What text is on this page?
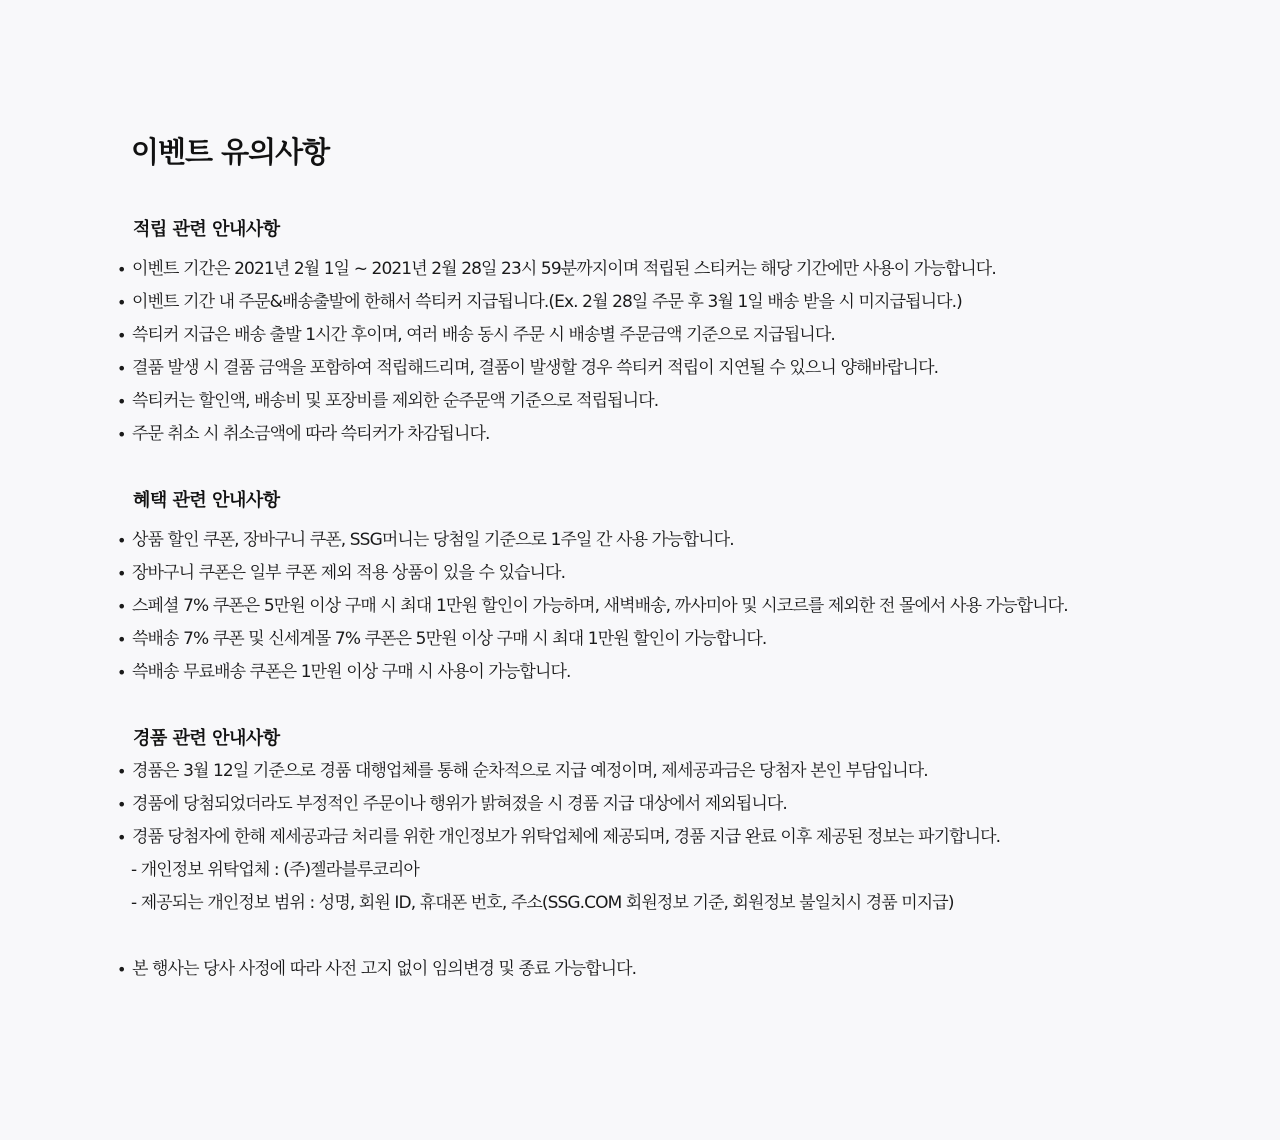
이벤트 유의사항
적립 관련 안내사항
• 이벤트 기간은 2021년 2월 1일 ~ 2021년 2월 28일 23시 59분까지이며 적립된 스티커는 해당 기간에만 사용이 가능합니다.
• 이벤트 기간 내 주문&배송출발에 한해서 쓱티커 지급됩니다.(Ex. 2월 28일 주문 후 3월 1일 배송 받을 시 미지급됩니다.)
• 쓱티커 지급은 배송 출발 1시간 후이며, 여러 배송 동시 주문 시 배송별 주문금액 기준으로 지급됩니다.
• 결품 발생 시 결품 금액을 포함하여 적립해드리며, 결품이 발생할 경우 쓱티커 적립이 지연될 수 있으니 양해바랍니다.
• 쓱티커는 할인액, 배송비 및 포장비를 제외한 순주문액 기준으로 적립됩니다.
• 주문 취소 시 취소금액에 따라 쓱티커가 차감됩니다.
혜택 관련 안내사항
• 상품 할인 쿠폰, 장바구니 쿠폰, SSG머니는 당첨일 기준으로 1주일 간 사용 가능합니다.
• 장바구니 쿠폰은 일부 쿠폰 제외 적용 상품이 있을 수 있습니다.
• 스페셜 7% 쿠폰은 5만원 이상 구매 시 최대 1만원 할인이 가능하며, 새벽배송, 까사미아 및 시코르를 제외한 전 몰에서 사용 가능합니다.
• 쓱배송 7% 쿠폰 및 신세계몰 7% 쿠폰은 5만원 이상 구매 시 최대 1만원 할인이 가능합니다.
• 쓱배송 무료배송 쿠폰은 1만원 이상 구매 시 사용이 가능합니다.
경품 관련 안내사항
• 경품은 3월 12일 기준으로 경품 대행업체를 통해 순차적으로 지급 예정이며, 제세공과금은 당첨자 본인 부담입니다.
• 경품에 당첨되었더라도 부정적인 주문이나 행위가 밝혀졌을 시 경품 지급 대상에서 제외됩니다.
• 경품 당첨자에 한해 제세공과금 처리를 위한 개인정보가 위탁업체에 제공되며, 경품 지급 완료 이후 제공된 정보는 파기합니다.
- 개인정보 위탁업체 : (주)젤라블루코리아
- 제공되는 개인정보 범위 : 성명, 회원 ID, 휴대폰 번호, 주소(SSG.COM 회원정보 기준, 회원정보 불일치시 경품 미지급)
• 본 행사는 당사 사정에 따라 사전 고지 없이 임의변경 및 종료 가능합니다.
